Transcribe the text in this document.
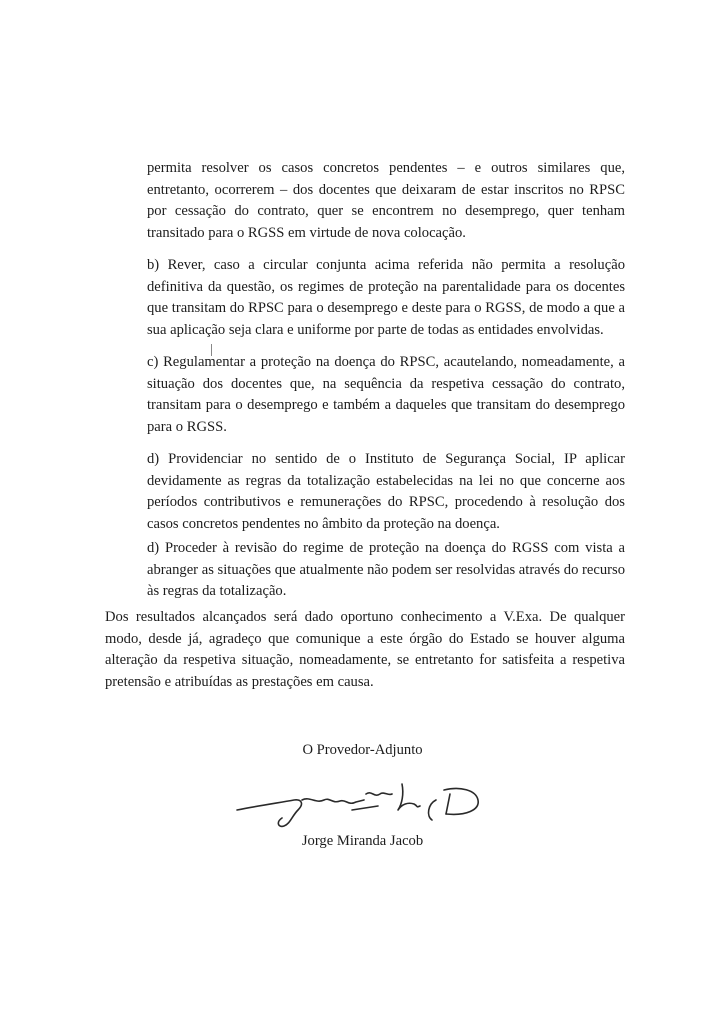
permita resolver os casos concretos pendentes – e outros similares que, entretanto, ocorrerem – dos docentes que deixaram de estar inscritos no RPSC por cessação do contrato, quer se encontrem no desemprego, quer tenham transitado para o RGSS em virtude de nova colocação.

b) Rever, caso a circular conjunta acima referida não permita a resolução definitiva da questão, os regimes de proteção na parentalidade para os docentes que transitam do RPSC para o desemprego e deste para o RGSS, de modo a que a sua aplicação seja clara e uniforme por parte de todas as entidades envolvidas.

c) Regulamentar a proteção na doença do RPSC, acautelando, nomeadamente, a situação dos docentes que, na sequência da respetiva cessação do contrato, transitam para o desemprego e também a daqueles que transitam do desemprego para o RGSS.

d) Providenciar no sentido de o Instituto de Segurança Social, IP aplicar devidamente as regras da totalização estabelecidas na lei no que concerne aos períodos contributivos e remunerações do RPSC, procedendo à resolução dos casos concretos pendentes no âmbito da proteção na doença.

d) Proceder à revisão do regime de proteção na doença do RGSS com vista a abranger as situações que atualmente não podem ser resolvidas através do recurso às regras da totalização.

Dos resultados alcançados será dado oportuno conhecimento a V.Exa. De qualquer modo, desde já, agradeço que comunique a este órgão do Estado se houver alguma alteração da respetiva situação, nomeadamente, se entretanto for satisfeita a respetiva pretensão e atribuídas as prestações em causa.

O Provedor-Adjunto
Jorge Miranda Jacob
